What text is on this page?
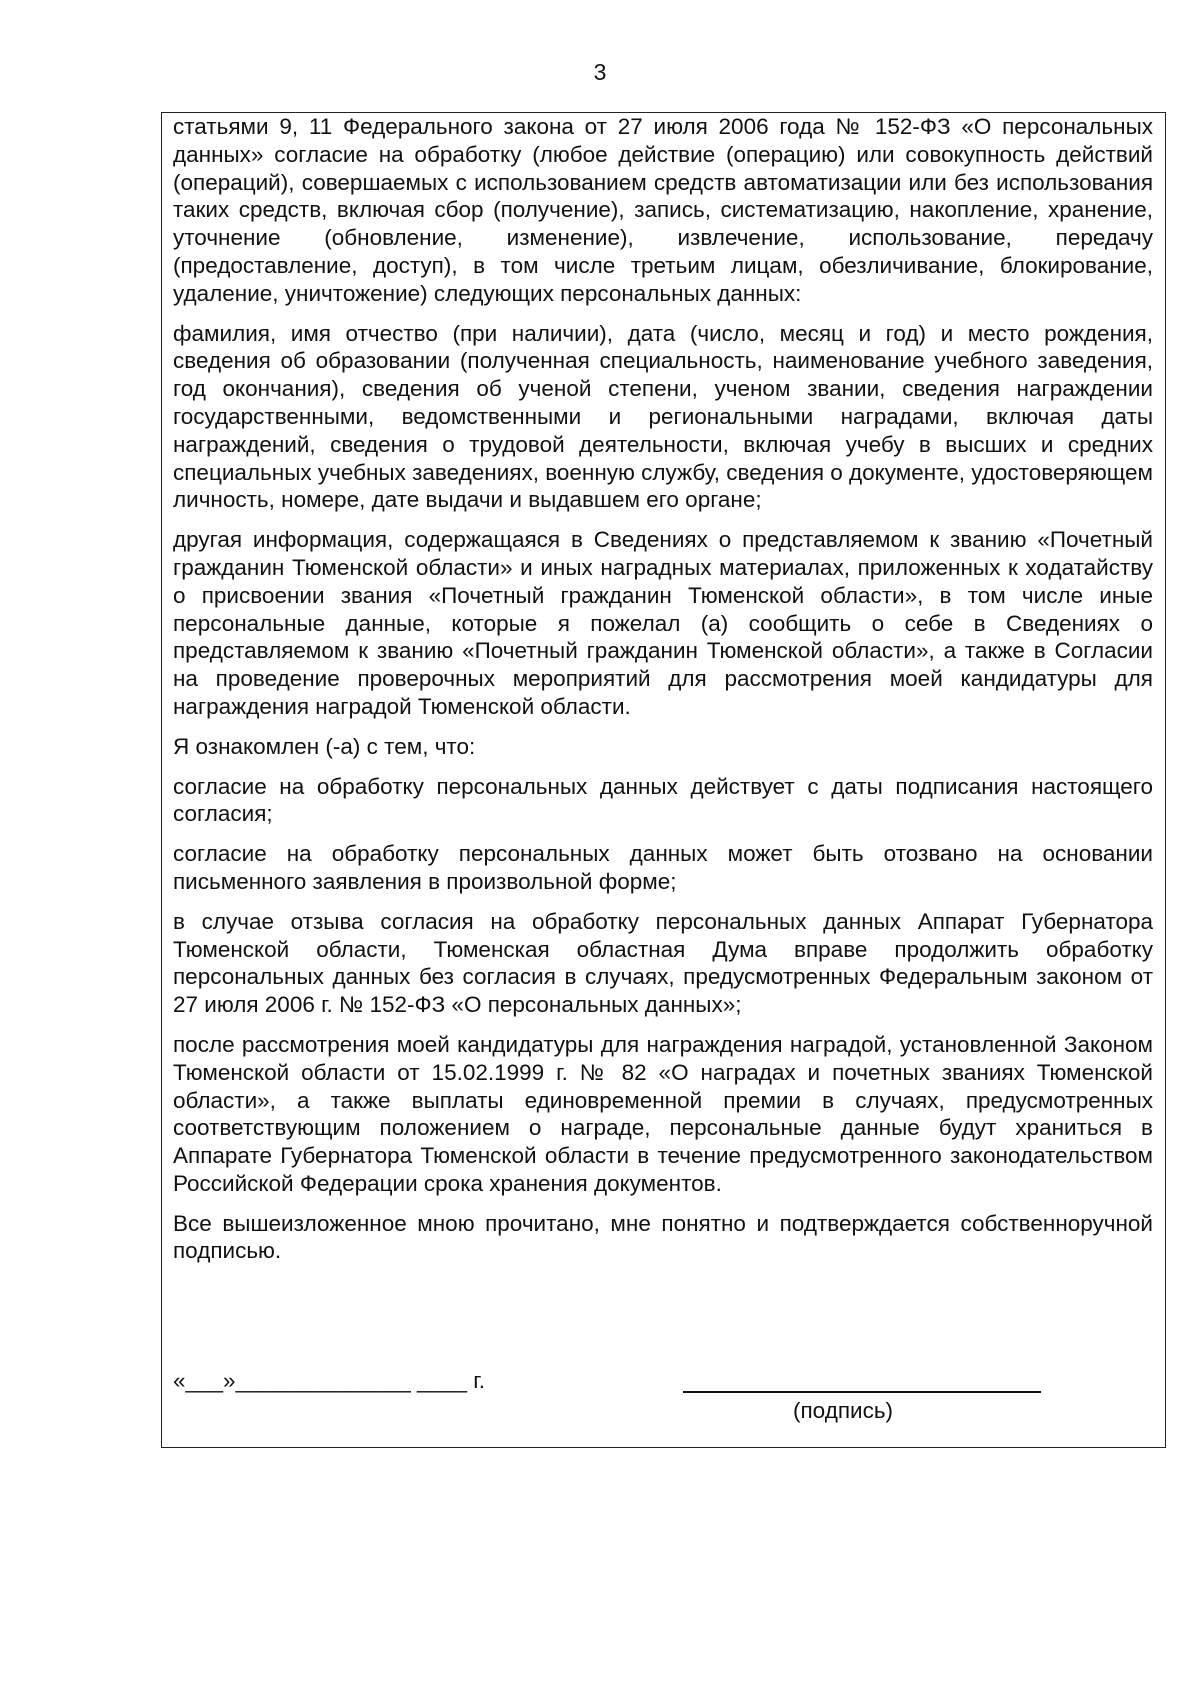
3

статьями 9, 11 Федерального закона от 27 июля 2006 года № 152-ФЗ «О персональных данных» согласие на обработку (любое действие (операцию) или совокупность действий (операций), совершаемых с использованием средств автоматизации или без использования таких средств, включая сбор (получение), запись, систематизацию, накопление, хранение, уточнение (обновление, изменение), извлечение, использование, передачу (предоставление, доступ), в том числе третьим лицам, обезличивание, блокирование, удаление, уничтожение) следующих персональных данных:

фамилия, имя отчество (при наличии), дата (число, месяц и год) и место рождения, сведения об образовании (полученная специальность, наименование учебного заведения, год окончания), сведения об ученой степени, ученом звании, сведения награждении государственными, ведомственными и региональными наградами, включая даты награждений, сведения о трудовой деятельности, включая учебу в высших и средних специальных учебных заведениях, военную службу, сведения о документе, удостоверяющем личность, номере, дате выдачи и выдавшем его органе;

другая информация, содержащаяся в Сведениях о представляемом к званию «Почетный гражданин Тюменской области» и иных наградных материалах, приложенных к ходатайству о присвоении звания «Почетный гражданин Тюменской области», в том числе иные персональные данные, которые я пожелал (а) сообщить о себе в Сведениях о представляемом к званию «Почетный гражданин Тюменской области», а также в Согласии на проведение проверочных мероприятий для рассмотрения моей кандидатуры для награждения наградой Тюменской области.

Я ознакомлен (-а) с тем, что:

согласие на обработку персональных данных действует с даты подписания настоящего согласия;

согласие на обработку персональных данных может быть отозвано на основании письменного заявления в произвольной форме;

в случае отзыва согласия на обработку персональных данных Аппарат Губернатора Тюменской области, Тюменская областная Дума вправе продолжить обработку персональных данных без согласия в случаях, предусмотренных Федеральным законом от 27 июля 2006 г. № 152-ФЗ «О персональных данных»;

после рассмотрения моей кандидатуры для награждения наградой, установленной Законом Тюменской области от 15.02.1999 г. № 82 «О наградах и почетных званиях Тюменской области», а также выплаты единовременной премии в случаях, предусмотренных соответствующим положением о награде, персональные данные будут храниться в Аппарате Губернатора Тюменской области в течение предусмотренного законодательством Российской Федерации срока хранения документов.

Все вышеизложенное мною прочитано, мне понятно и подтверждается собственноручной подписью.

«___»______________ ____ г.
(подпись)
